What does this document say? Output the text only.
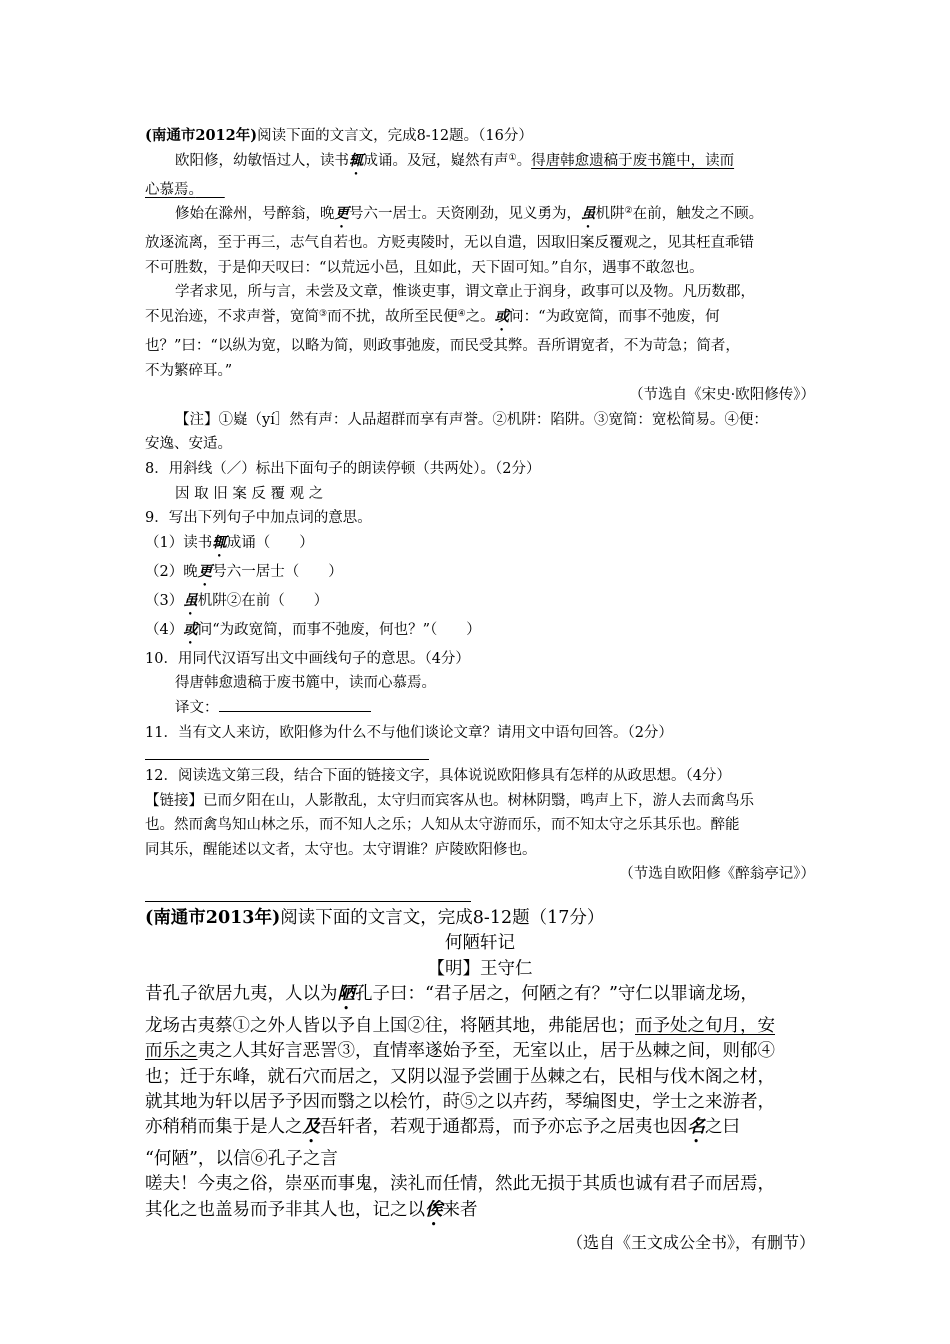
(南通市2012年)阅读下面的文言文，完成8-12题。（16分）
欧阳修，幼敏悟过人，读书辄成诵。及冠，嶷然有声①。得唐韩愈遗稿于废书簏中，读而
心慕焉。　　
修始在滁州，号醉翁，晚更号六一居士。天资刚劲，见义勇为，虽机阱②在前，触发之不顾。
放逐流离，至于再三，志气自若也。方贬夷陵时，无以自遣，因取旧案反覆观之，见其枉直乖错
不可胜数，于是仰天叹曰：“以荒远小邑，且如此，天下固可知。”自尔，遇事不敢忽也。
学者求见，所与言，未尝及文章，惟谈吏事，谓文章止于润身，政事可以及物。凡历数郡，
不见治迹，不求声誉，宽简③而不扰，故所至民便④之。或问：“为政宽简，而事不弛废，何
也？”曰：“以纵为宽，以略为简，则政事弛废，而民受其弊。吾所谓宽者，不为苛急；简者，
不为繁碎耳。”
（节选自《宋史·欧阳修传》）
【注】①嶷（yí］然有声：人品超群而享有声誉。②机阱：陷阱。③宽简：宽松简易。④便：
安逸、安适。
8．用斜线（／）标出下面句子的朗读停顿（共两处）。（2分）
因 取 旧 案 反 覆 观 之
9．写出下列句子中加点词的意思。
（1）读书辄成诵（　　）
（2）晚更号六一居士（　　）
（3）虽机阱②在前（　　）
（4）或问“为政宽简，而事不弛废，何也？”（　　）
10．用同代汉语写出文中画线句子的意思。（4分）
得唐韩愈遗稿于废书簏中，读而心慕焉。
译文：
11．当有文人来访，欧阳修为什么不与他们谈论文章？请用文中语句回答。（2分）
12．阅读选文第三段，结合下面的链接文字，具体说说欧阳修具有怎样的从政思想。（4分）
【链接】已而夕阳在山，人影散乱，太守归而宾客从也。树林阴翳，鸣声上下，游人去而禽鸟乐
也。然而禽鸟知山林之乐，而不知人之乐；人知从太守游而乐，而不知太守之乐其乐也。醉能
同其乐，醒能述以文者，太守也。太守谓谁？庐陵欧阳修也。
（节选自欧阳修《醉翁亭记》）
(南通市2013年)阅读下面的文言文，完成8-12题（17分）
何陋轩记
【明】王守仁
昔孔子欲居九夷，人以为陋孔子曰：“君子居之，何陋之有？”守仁以罪谪龙场，
龙场古夷蔡①之外人皆以予自上国②往，将陋其地，弗能居也；而予处之旬月，安
而乐之夷之人其好言恶詈③，直情率遂始予至，无室以止，居于丛棘之间，则郁④
也；迁于东峰，就石穴而居之，又阴以湿予尝圃于丛棘之右，民相与伐木阁之材，
就其地为轩以居予予因而翳之以桧竹，莳⑤之以卉药，琴编图史，学士之来游者，
亦稍稍而集于是人之及吾轩者，若观于通都焉，而予亦忘予之居夷也因名之曰
“何陋”，以信⑥孔子之言
嗟夫！今夷之俗，崇巫而事鬼，渎礼而任情，然此无损于其质也诚有君子而居焉，
其化之也盖易而予非其人也，记之以俟来者
（选自《王文成公全书》，有删节）
